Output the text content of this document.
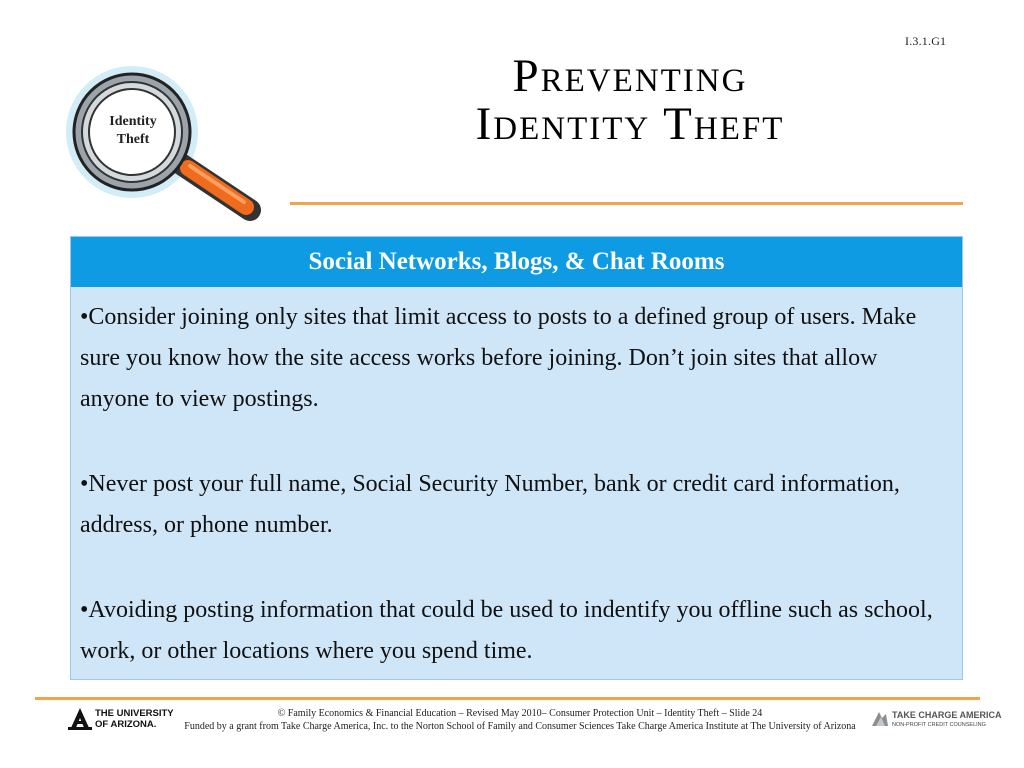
I.3.1.G1
Identity
Theft
Preventing
Identity Theft
Social Networks, Blogs, & Chat Rooms

•Consider joining only sites that limit access to posts to a defined group of users. Make sure you know how the site access works before joining. Don’t join sites that allow anyone to view postings.

•Never post your full name, Social Security Number, bank or credit card information, address, or phone number.

•Avoiding posting information that could be used to indentify you offline such as school, work, or other locations where you spend time.

THE UNIVERSITY
OF ARIZONA.
© Family Economics & Financial Education – Revised May 2010– Consumer Protection Unit – Identity Theft – Slide 24
Funded by a grant from Take Charge America, Inc. to the Norton School of Family and Consumer Sciences Take Charge America Institute at The University of Arizona
TAKE CHARGE AMERICA
NON-PROFIT CREDIT COUNSELING
